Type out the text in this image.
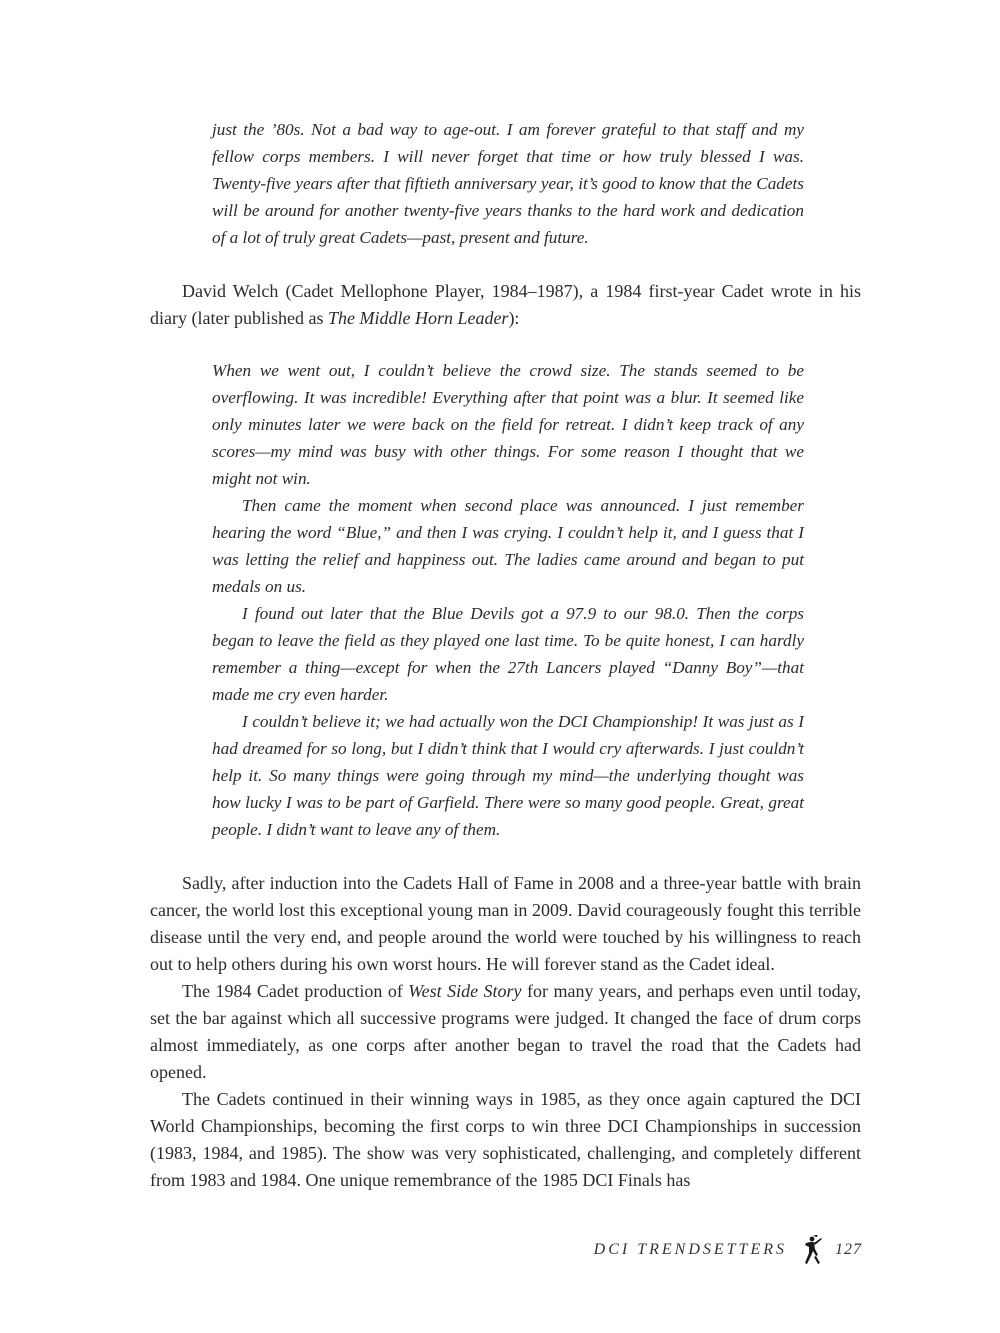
just the ’80s. Not a bad way to age-out. I am forever grateful to that staff and my fellow corps members. I will never forget that time or how truly blessed I was. Twenty-five years after that fiftieth anniversary year, it’s good to know that the Cadets will be around for another twenty-five years thanks to the hard work and dedication of a lot of truly great Cadets—past, present and future.

David Welch (Cadet Mellophone Player, 1984–1987), a 1984 first-year Cadet wrote in his diary (later published as The Middle Horn Leader):

When we went out, I couldn’t believe the crowd size. The stands seemed to be overflowing. It was incredible! Everything after that point was a blur. It seemed like only minutes later we were back on the field for retreat. I didn’t keep track of any scores—my mind was busy with other things. For some reason I thought that we might not win.

Then came the moment when second place was announced. I just remember hearing the word “Blue,” and then I was crying. I couldn’t help it, and I guess that I was letting the relief and happiness out. The ladies came around and began to put medals on us.

I found out later that the Blue Devils got a 97.9 to our 98.0. Then the corps began to leave the field as they played one last time. To be quite honest, I can hardly remember a thing—except for when the 27th Lancers played “Danny Boy”—that made me cry even harder.

I couldn’t believe it; we had actually won the DCI Championship! It was just as I had dreamed for so long, but I didn’t think that I would cry afterwards. I just couldn’t help it. So many things were going through my mind—the underlying thought was how lucky I was to be part of Garfield. There were so many good people. Great, great people. I didn’t want to leave any of them.

Sadly, after induction into the Cadets Hall of Fame in 2008 and a three-year battle with brain cancer, the world lost this exceptional young man in 2009. David courageously fought this terrible disease until the very end, and people around the world were touched by his willingness to reach out to help others during his own worst hours. He will forever stand as the Cadet ideal.

The 1984 Cadet production of West Side Story for many years, and perhaps even until today, set the bar against which all successive programs were judged. It changed the face of drum corps almost immediately, as one corps after another began to travel the road that the Cadets had opened.

The Cadets continued in their winning ways in 1985, as they once again captured the DCI World Championships, becoming the first corps to win three DCI Championships in succession (1983, 1984, and 1985). The show was very sophisticated, challenging, and completely different from 1983 and 1984. One unique remembrance of the 1985 DCI Finals has

DCI TRENDSETTERS	127
